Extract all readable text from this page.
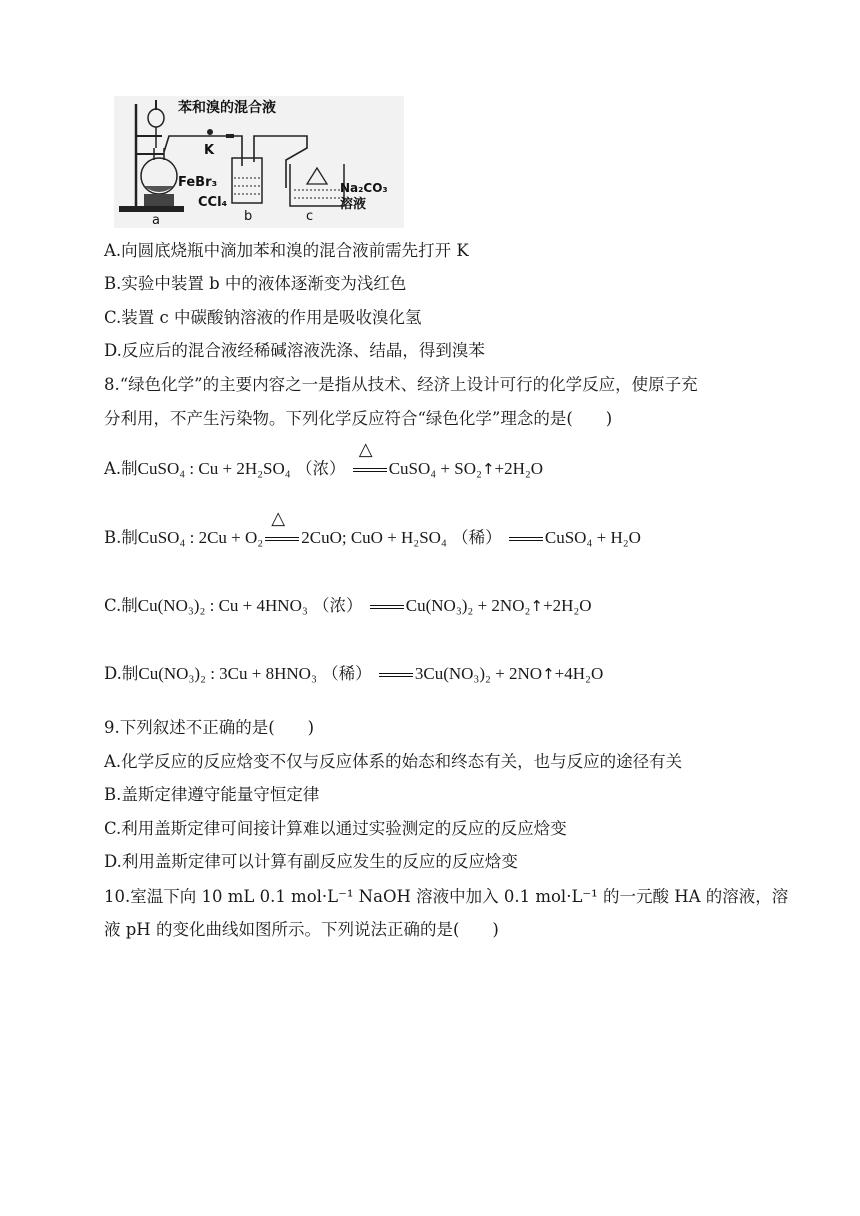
苯和溴的混合液
K
FeBr₃
CCl₄
Na₂CO₃
溶液
a	b	c
A.向圆底烧瓶中滴加苯和溴的混合液前需先打开 K
B.实验中装置 b 中的液体逐渐变为浅红色
C.装置 c 中碳酸钠溶液的作用是吸收溴化氢
D.反应后的混合液经稀碱溶液洗涤、结晶，得到溴苯
8.“绿色化学”的主要内容之一是指从技术、经济上设计可行的化学反应，使原子充
分利用，不产生污染物。下列化学反应符合“绿色化学”理念的是(　　)
A.制CuSO₄ : Cu + 2H₂SO₄ （浓）
△
CuSO₄ + SO₂↑+2H₂O
B.制CuSO₄ : 2Cu + O₂
△
2CuO; CuO + H₂SO₄ （稀）	CuSO₄ + H₂O
C.制Cu(NO₃)₂ : Cu + 4HNO₃ （浓）	Cu(NO₃)₂ + 2NO₂↑+2H₂O
D.制Cu(NO₃)₂ : 3Cu + 8HNO₃ （稀）	3Cu(NO₃)₂ + 2NO↑+4H₂O
9.下列叙述不正确的是(　　)
A.化学反应的反应焓变不仅与反应体系的始态和终态有关，也与反应的途径有关
B.盖斯定律遵守能量守恒定律
C.利用盖斯定律可间接计算难以通过实验测定的反应的反应焓变
D.利用盖斯定律可以计算有副反应发生的反应的反应焓变
10.室温下向 10 mL 0.1 mol·L⁻¹ NaOH 溶液中加入 0.1 mol·L⁻¹ 的一元酸 HA 的溶液，溶
液 pH 的变化曲线如图所示。下列说法正确的是(　　)
